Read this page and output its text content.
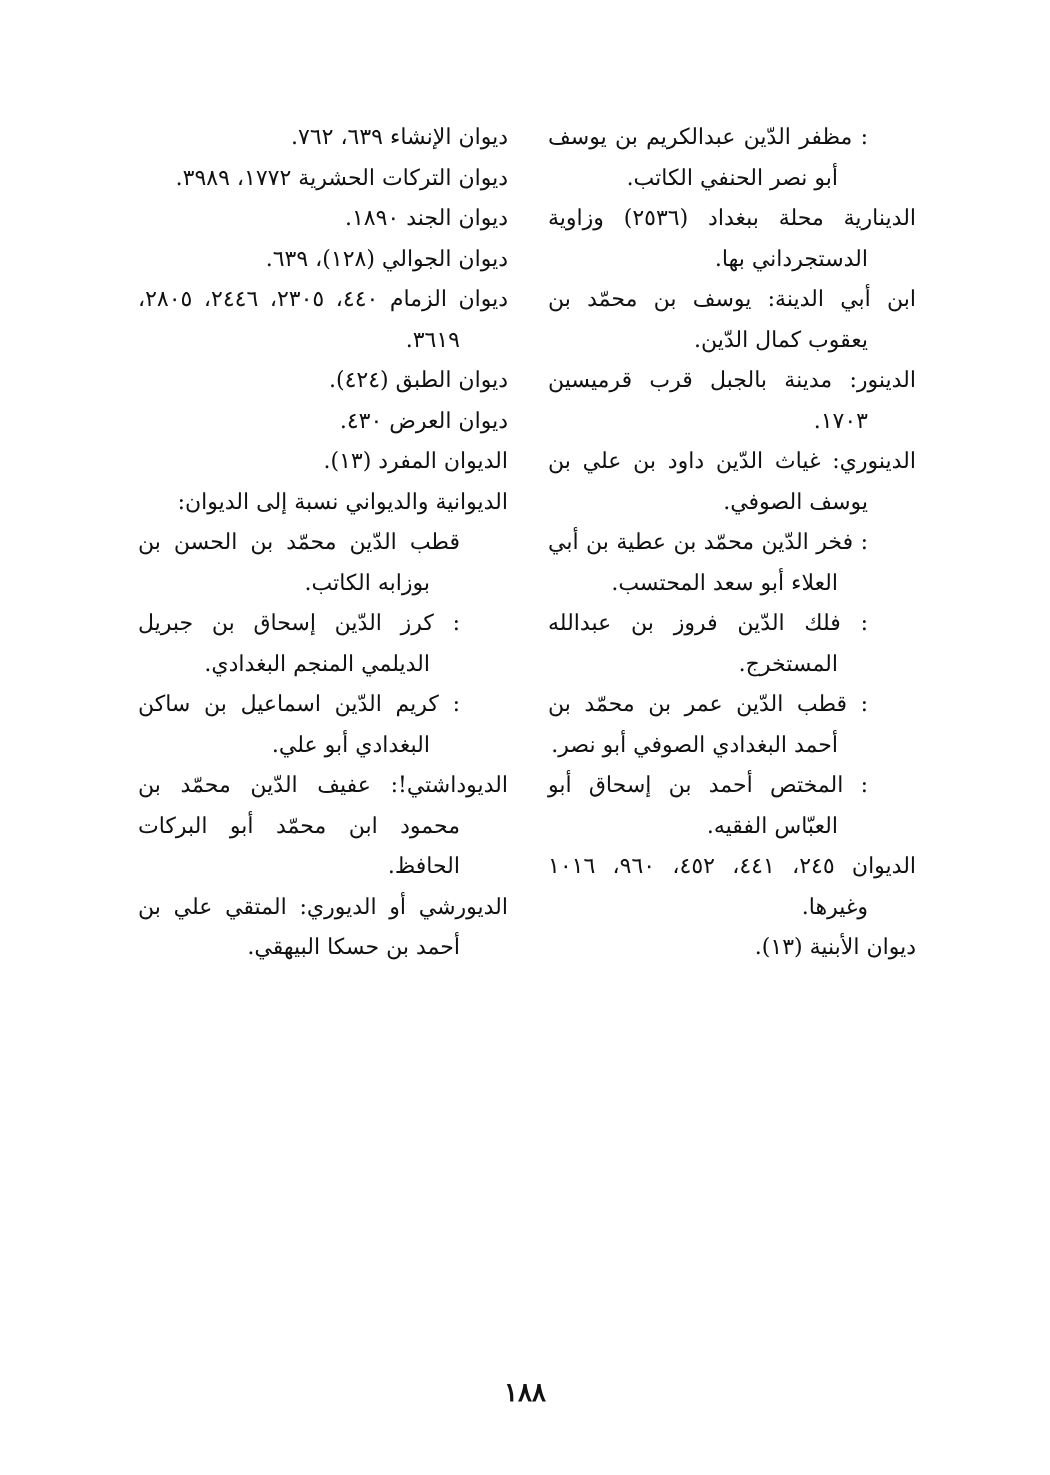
: مظفر الدّين عبدالكريم بن يوسف أبو نصر الحنفي الكاتب.

الدينارية محلة ببغداد (٢٥٣٦) وزاوية الدستجرداني بها.

ابن أبي الدينة: يوسف بن محمّد بن يعقوب كمال الدّين.

الدينور: مدينة بالجبل قرب قرميسين ١٧٠٣.

الدينوري: غياث الدّين داود بن علي بن يوسف الصوفي.

: فخر الدّين محمّد بن عطية بن أبي العلاء أبو سعد المحتسب.

: فلك الدّين فروز بن عبدالله المستخرج.

: قطب الدّين عمر بن محمّد بن أحمد البغدادي الصوفي أبو نصر.

: المختص أحمد بن إسحاق أبو العبّاس الفقيه.

الديوان ٢٤٥، ٤٤١، ٤٥٢، ٩٦٠، ١٠١٦ وغيرها.

ديوان الأبنية (١٣).

ديوان الإنشاء ٦٣٩، ٧٦٢.

ديوان التركات الحشرية ١٧٧٢، ٣٩٨٩.

ديوان الجند ١٨٩٠.

ديوان الجوالي (١٢٨)، ٦٣٩.

ديوان الزمام ٤٤٠، ٢٣٠٥، ٢٤٤٦، ٢٨٠٥، ٣٦١٩.

ديوان الطبق (٤٢٤).

ديوان العرض ٤٣٠.

الديوان المفرد (١٣).

الديوانية والديواني نسبة إلى الديوان:

قطب الدّين محمّد بن الحسن بن بوزابه الكاتب.

: كرز الدّين إسحاق بن جبريل الديلمي المنجم البغدادي.

: كريم الدّين اسماعيل بن ساكن البغدادي أبو علي.

الديوداشتي!: عفيف الدّين محمّد بن محمود ابن محمّد أبو البركات الحافظ.

الديورشي أو الديوري: المتقي علي بن أحمد بن حسكا البيهقي.

١٨٨
